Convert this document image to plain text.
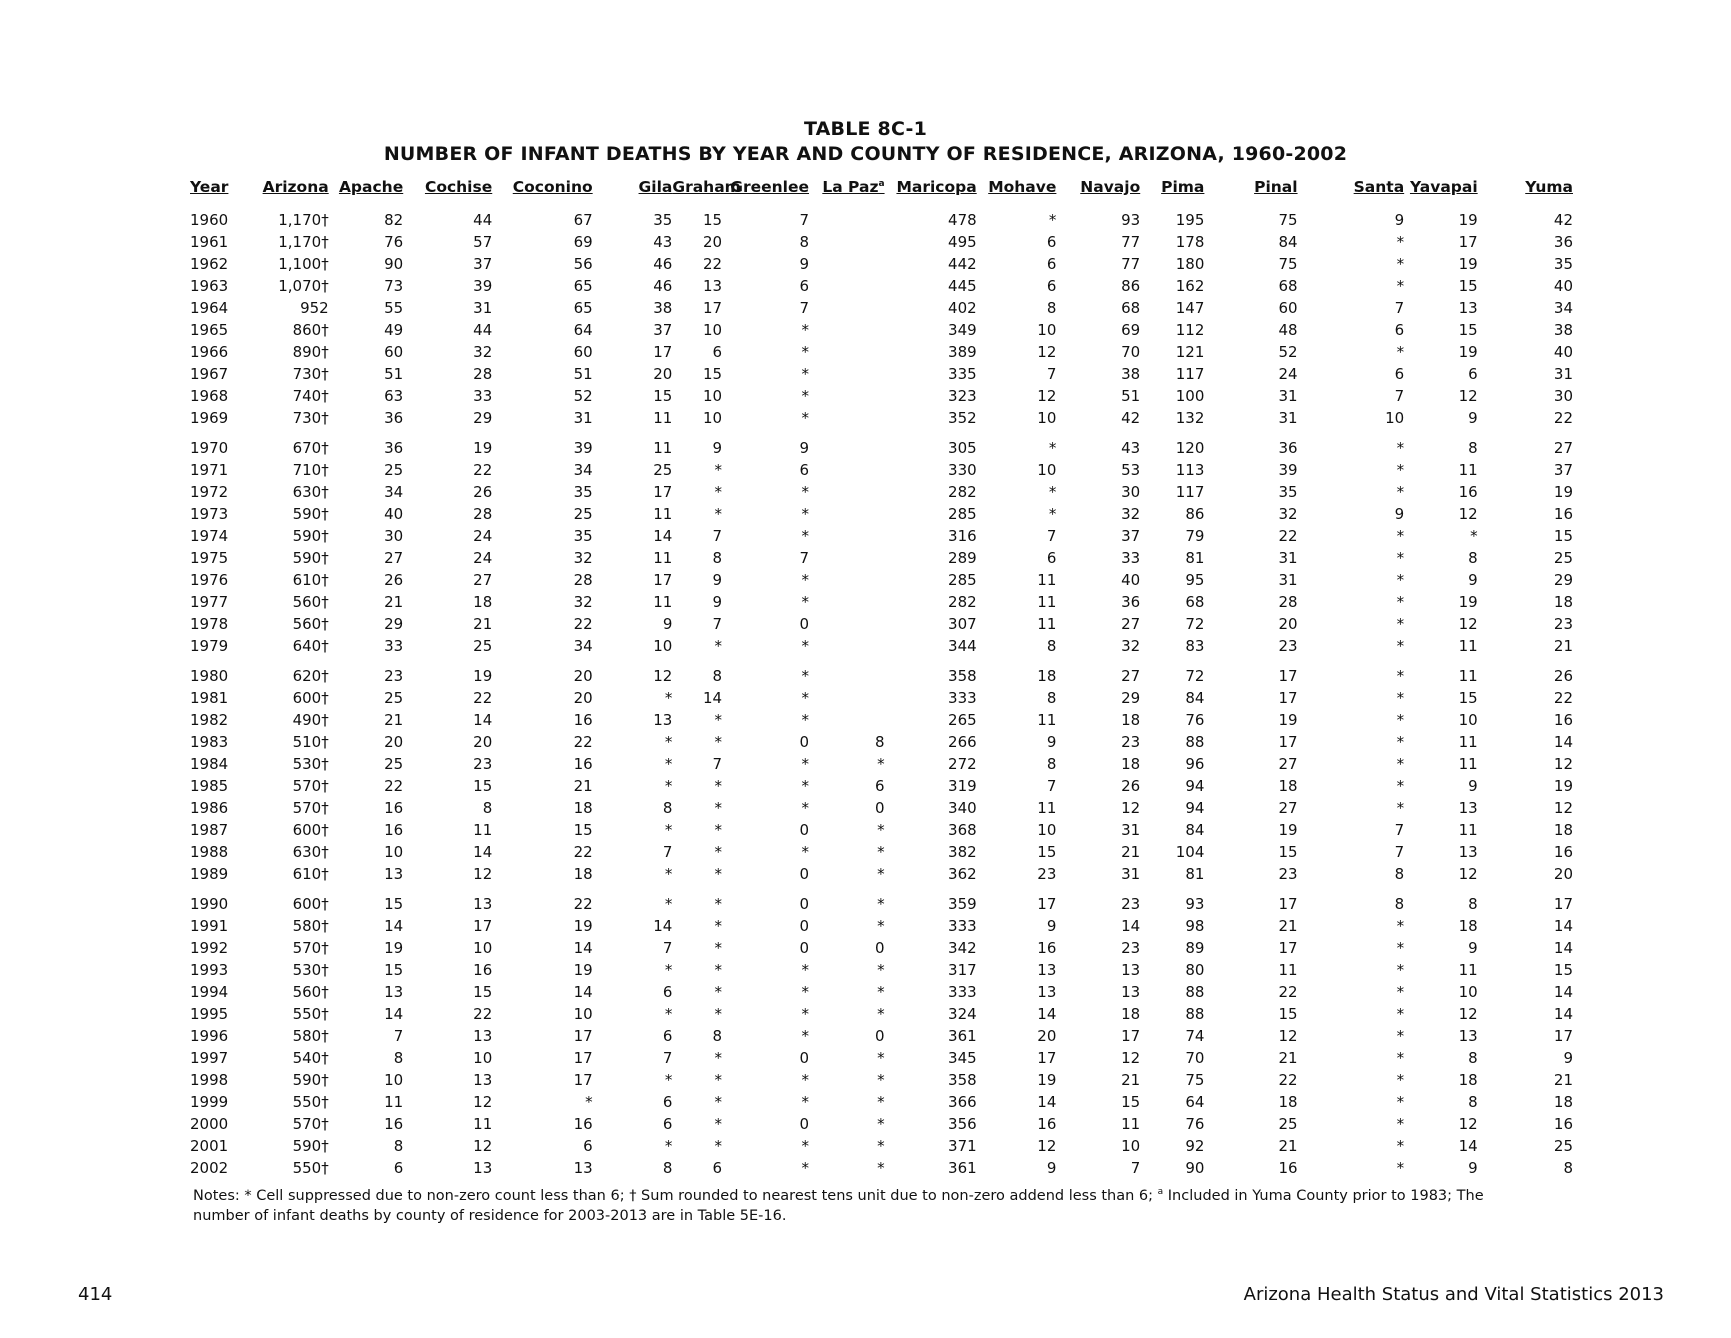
TABLE 8C-1
NUMBER OF INFANT DEATHS BY YEAR AND COUNTY OF RESIDENCE, ARIZONA, 1960-2002
Year	Arizona	Apache	Cochise	Coconino	Gila	Graham	Greenlee	La Paz$^a$	Maricopa	Mohave	Navajo	Pima	Pinal	Santa	Yavapai	Yuma

1960	1,170†	82	44	67	35	15	7		478	*	93	195	75	9	19	42
1961	1,170†	76	57	69	43	20	8		495	6	77	178	84	*	17	36
1962	1,100†	90	37	56	46	22	9		442	6	77	180	75	*	19	35
1963	1,070†	73	39	65	46	13	6		445	6	86	162	68	*	15	40
1964	952	55	31	65	38	17	7		402	8	68	147	60	7	13	34
1965	860†	49	44	64	37	10	*		349	10	69	112	48	6	15	38
1966	890†	60	32	60	17	6	*		389	12	70	121	52	*	19	40
1967	730†	51	28	51	20	15	*		335	7	38	117	24	6	6	31
1968	740†	63	33	52	15	10	*		323	12	51	100	31	7	12	30
1969	730†	36	29	31	11	10	*		352	10	42	132	31	10	9	22

1970	670†	36	19	39	11	9	9		305	*	43	120	36	*	8	27
1971	710†	25	22	34	25	*	6		330	10	53	113	39	*	11	37
1972	630†	34	26	35	17	*	*		282	*	30	117	35	*	16	19
1973	590†	40	28	25	11	*	*		285	*	32	86	32	9	12	16
1974	590†	30	24	35	14	7	*		316	7	37	79	22	*	*	15
1975	590†	27	24	32	11	8	7		289	6	33	81	31	*	8	25
1976	610†	26	27	28	17	9	*		285	11	40	95	31	*	9	29
1977	560†	21	18	32	11	9	*		282	11	36	68	28	*	19	18
1978	560†	29	21	22	9	7	0		307	11	27	72	20	*	12	23
1979	640†	33	25	34	10	*	*		344	8	32	83	23	*	11	21

1980	620†	23	19	20	12	8	*		358	18	27	72	17	*	11	26
1981	600†	25	22	20	*	14	*		333	8	29	84	17	*	15	22
1982	490†	21	14	16	13	*	*		265	11	18	76	19	*	10	16
1983	510†	20	20	22	*	*	0	8	266	9	23	88	17	*	11	14
1984	530†	25	23	16	*	7	*	*	272	8	18	96	27	*	11	12
1985	570†	22	15	21	*	*	*	6	319	7	26	94	18	*	9	19
1986	570†	16	8	18	8	*	*	0	340	11	12	94	27	*	13	12
1987	600†	16	11	15	*	*	0	*	368	10	31	84	19	7	11	18
1988	630†	10	14	22	7	*	*	*	382	15	21	104	15	7	13	16
1989	610†	13	12	18	*	*	0	*	362	23	31	81	23	8	12	20

1990	600†	15	13	22	*	*	0	*	359	17	23	93	17	8	8	17
1991	580†	14	17	19	14	*	0	*	333	9	14	98	21	*	18	14
1992	570†	19	10	14	7	*	0	0	342	16	23	89	17	*	9	14
1993	530†	15	16	19	*	*	*	*	317	13	13	80	11	*	11	15
1994	560†	13	15	14	6	*	*	*	333	13	13	88	22	*	10	14
1995	550†	14	22	10	*	*	*	*	324	14	18	88	15	*	12	14
1996	580†	7	13	17	6	8	*	0	361	20	17	74	12	*	13	17
1997	540†	8	10	17	7	*	0	*	345	17	12	70	21	*	8	9
1998	590†	10	13	17	*	*	*	*	358	19	21	75	22	*	18	21
1999	550†	11	12	*	6	*	*	*	366	14	15	64	18	*	8	18
2000	570†	16	11	16	6	*	0	*	356	16	11	76	25	*	12	16
2001	590†	8	12	6	*	*	*	*	371	12	10	92	21	*	14	25
2002	550†	6	13	13	8	6	*	*	361	9	7	90	16	*	9	8
Notes: * Cell suppressed due to non-zero count less than 6; † Sum rounded to nearest tens unit due to non-zero addend less than 6; $^a$ Included in Yuma County prior to 1983; The number of infant deaths by county of residence for 2003-2013 are in Table 5E-16.
414	Arizona Health Status and Vital Statistics 2013
